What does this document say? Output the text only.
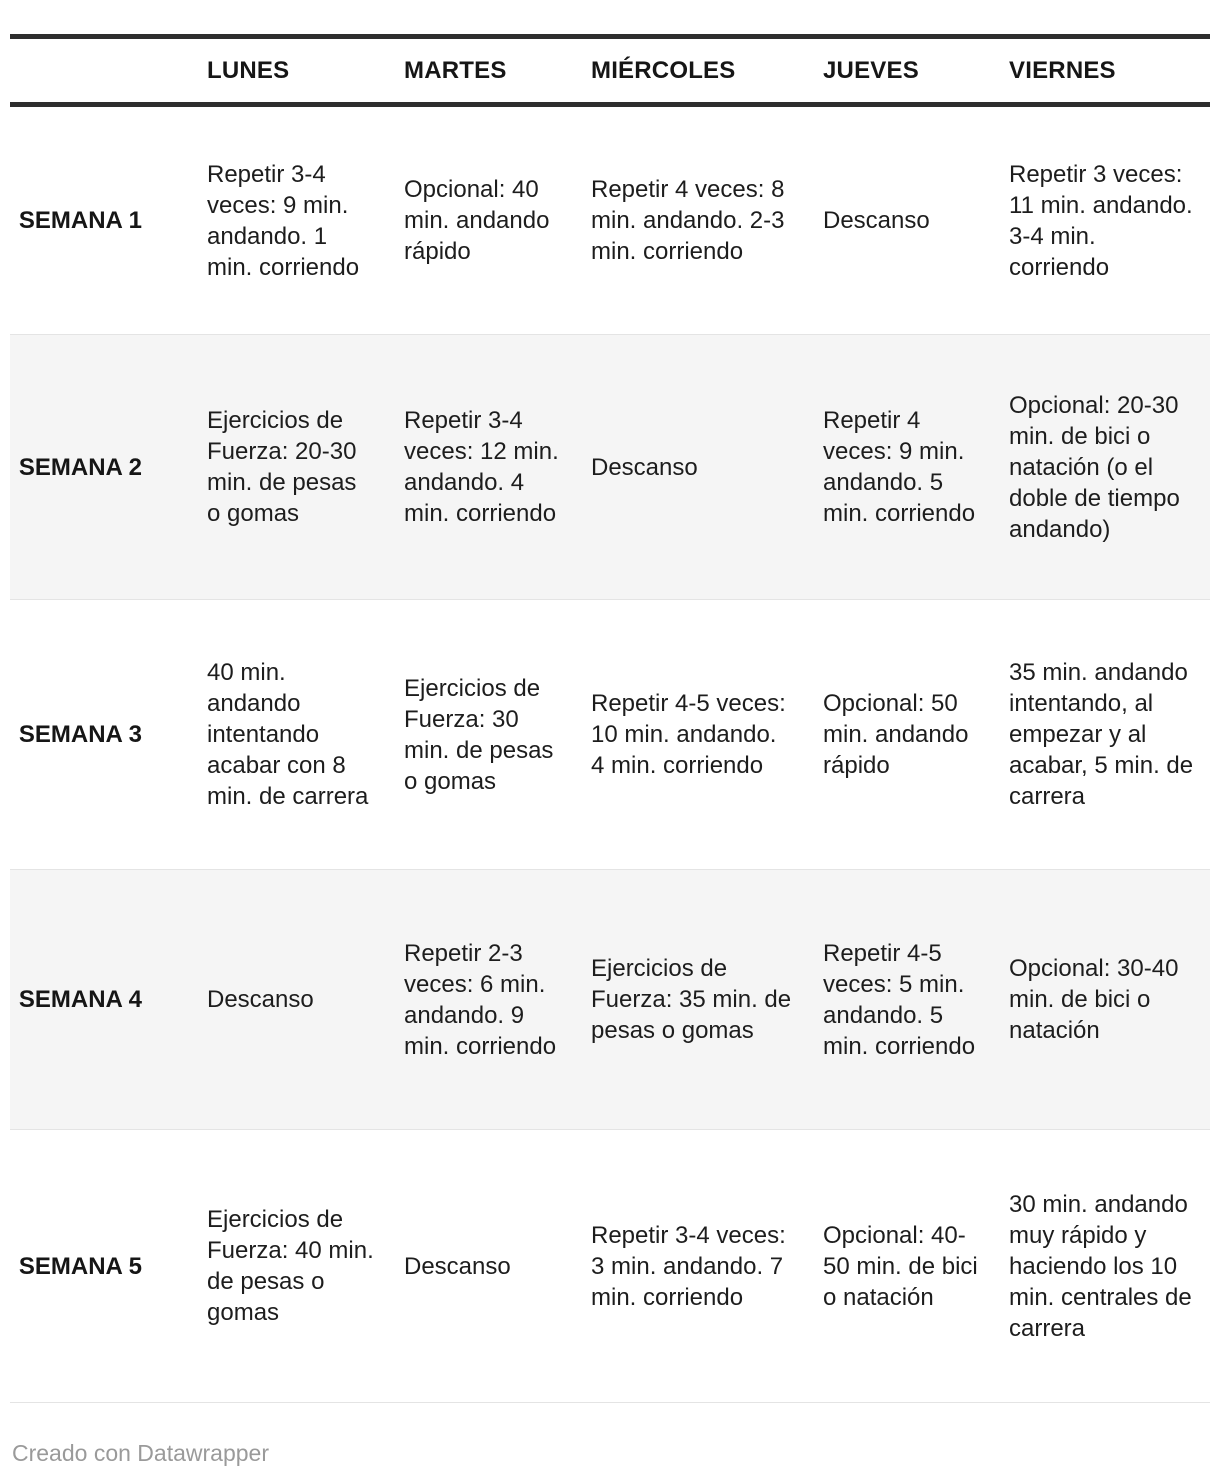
	LUNES	MARTES	MIÉRCOLES	JUEVES	VIERNES
SEMANA 1	Repetir 3-4 veces: 9 min. andando. 1 min. corriendo	Opcional: 40 min. andando rápido	Repetir 4 veces: 8 min. andando. 2-3 min. corriendo	Descanso	Repetir 3 veces: 11 min. andando. 3-4 min. corriendo
SEMANA 2	Ejercicios de Fuerza: 20-30 min. de pesas o gomas	Repetir 3-4 veces: 12 min. andando. 4 min. corriendo	Descanso	Repetir 4 veces: 9 min. andando. 5 min. corriendo	Opcional: 20-30 min. de bici o natación (o el doble de tiempo andando)
SEMANA 3	40 min. andando intentando acabar con 8 min. de carrera	Ejercicios de Fuerza: 30 min. de pesas o gomas	Repetir 4-5 veces: 10 min. andando. 4 min. corriendo	Opcional: 50 min. andando rápido	35 min. andando intentando, al empezar y al acabar, 5 min. de carrera
SEMANA 4	Descanso	Repetir 2-3 veces: 6 min. andando. 9 min. corriendo	Ejercicios de Fuerza: 35 min. de pesas o gomas	Repetir 4-5 veces: 5 min. andando. 5 min. corriendo	Opcional: 30-40 min. de bici o natación
SEMANA 5	Ejercicios de Fuerza: 40 min. de pesas o gomas	Descanso	Repetir 3-4 veces: 3 min. andando. 7 min. corriendo	Opcional: 40-50 min. de bici o natación	30 min. andando muy rápido y haciendo los 10 min. centrales de carrera
Creado con Datawrapper
